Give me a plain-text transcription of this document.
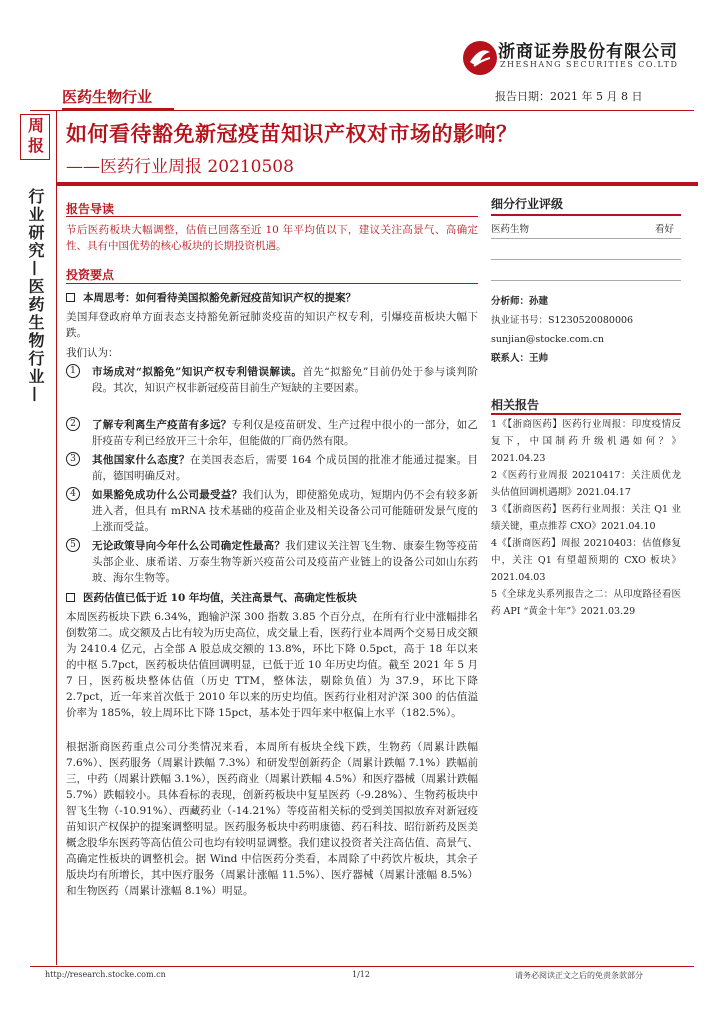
浙商证券股份有限公司
ZHESHANG SECURITIES CO.LTD
医药生物行业	报告日期：2021 年 5 月 8 日
周报
行业研究—医药生物行业—
如何看待豁免新冠疫苗知识产权对市场的影响？
——医药行业周报 20210508
报告导读
节后医药板块大幅调整，估值已回落至近 10 年平均值以下，建议关注高景气、高确定性、具有中国优势的核心板块的长期投资机遇。
投资要点
本周思考：如何看待美国拟豁免新冠疫苗知识产权的提案？
美国拜登政府单方面表态支持豁免新冠肺炎疫苗的知识产权专利，引爆疫苗板块大幅下跌。
我们认为：
1	市场成对“拟豁免”知识产权专利错误解读。首先“拟豁免”目前仍处于参与谈判阶段。其次，知识产权非新冠疫苗目前生产短缺的主要因素。
2	了解专利离生产疫苗有多远？专利仅是疫苗研发、生产过程中很小的一部分，如乙肝疫苗专利已经放开三十余年，但能做的厂商仍然有限。
3	其他国家什么态度？在美国表态后，需要 164 个成员国的批准才能通过提案。目前，德国明确反对。
4	如果豁免成功什么公司最受益？我们认为，即使豁免成功，短期内仍不会有较多新进入者，但具有 mRNA 技术基础的疫苗企业及相关设备公司可能随研发景气度的上涨而受益。
5	无论政策导向今年什么公司确定性最高？我们建议关注智飞生物、康泰生物等疫苗头部企业、康希诺、万泰生物等新兴疫苗公司及疫苗产业链上的设备公司如山东药玻、海尔生物等。
医药估值已低于近 10 年均值，关注高景气、高确定性板块
本周医药板块下跌 6.34%，跑输沪深 300 指数 3.85 个百分点，在所有行业中涨幅排名倒数第二。成交额及占比有较为历史高位，成交量上看，医药行业本周两个交易日成交额为 2410.4 亿元，占全部 A 股总成交额的 13.8%，环比下降 0.5pct，高于 18 年以来的中枢 5.7pct，医药板块估值回调明显，已低于近 10 年历史均值。截至 2021 年 5 月 7 日，医药板块整体估值（历史 TTM，整体法，剔除负值）为 37.9，环比下降 2.7pct，近一年来首次低于 2010 年以来的历史均值。医药行业相对沪深 300 的估值溢价率为 185%，较上周环比下降 15pct，基本处于四年来中枢偏上水平（182.5%）。
根据浙商医药重点公司分类情况来看，本周所有板块全线下跌，生物药（周累计跌幅 7.6%）、医药服务（周累计跌幅 7.3%）和研发型创新药企（周累计跌幅 7.1%）跌幅前三，中药（周累计跌幅 3.1%），医药商业（周累计跌幅 4.5%）和医疗器械（周累计跌幅 5.7%）跌幅较小。具体看标的表现，创新药板块中复星医药（-9.28%）、生物药板块中智飞生物（-10.91%）、西藏药业（-14.21%）等疫苗相关标的受到美国拟放弃对新冠疫苗知识产权保护的提案调整明显。医药服务板块中药明康德、药石科技、昭衍新药及医美概念股华东医药等高估值公司也均有较明显调整。我们建议投资者关注高估值、高景气、高确定性板块的调整机会。据 Wind 中信医药分类看，本周除了中药饮片板块，其余子版块均有所增长，其中医疗服务（周累计涨幅 11.5%）、医疗器械（周累计涨幅 8.5%）和生物医药（周累计涨幅 8.1%）明显。
细分行业评级
医药生物	看好
分析师：孙建
执业证书号：S1230520080006
sunjian@stocke.com.cn
联系人：王帅
相关报告
1《【浙商医药】医药行业周报：印度疫情反复下，中国制药升级机遇如何？》2021.04.23
2《医药行业周报 20210417：关注质优龙头估值回调机遇期》2021.04.17
3《【浙商医药】医药行业周报：关注 Q1 业绩关键，重点推荐 CXO》2021.04.10
4《【浙商医药】周报 20210403：估值修复中，关注 Q1 有望超预期的 CXO 板块》2021.04.03
5《全球龙头系列报告之二：从印度路径看医药 API “黄金十年”》2021.03.29
http://research.stocke.com.cn	1/12	请务必阅读正文之后的免责条款部分
